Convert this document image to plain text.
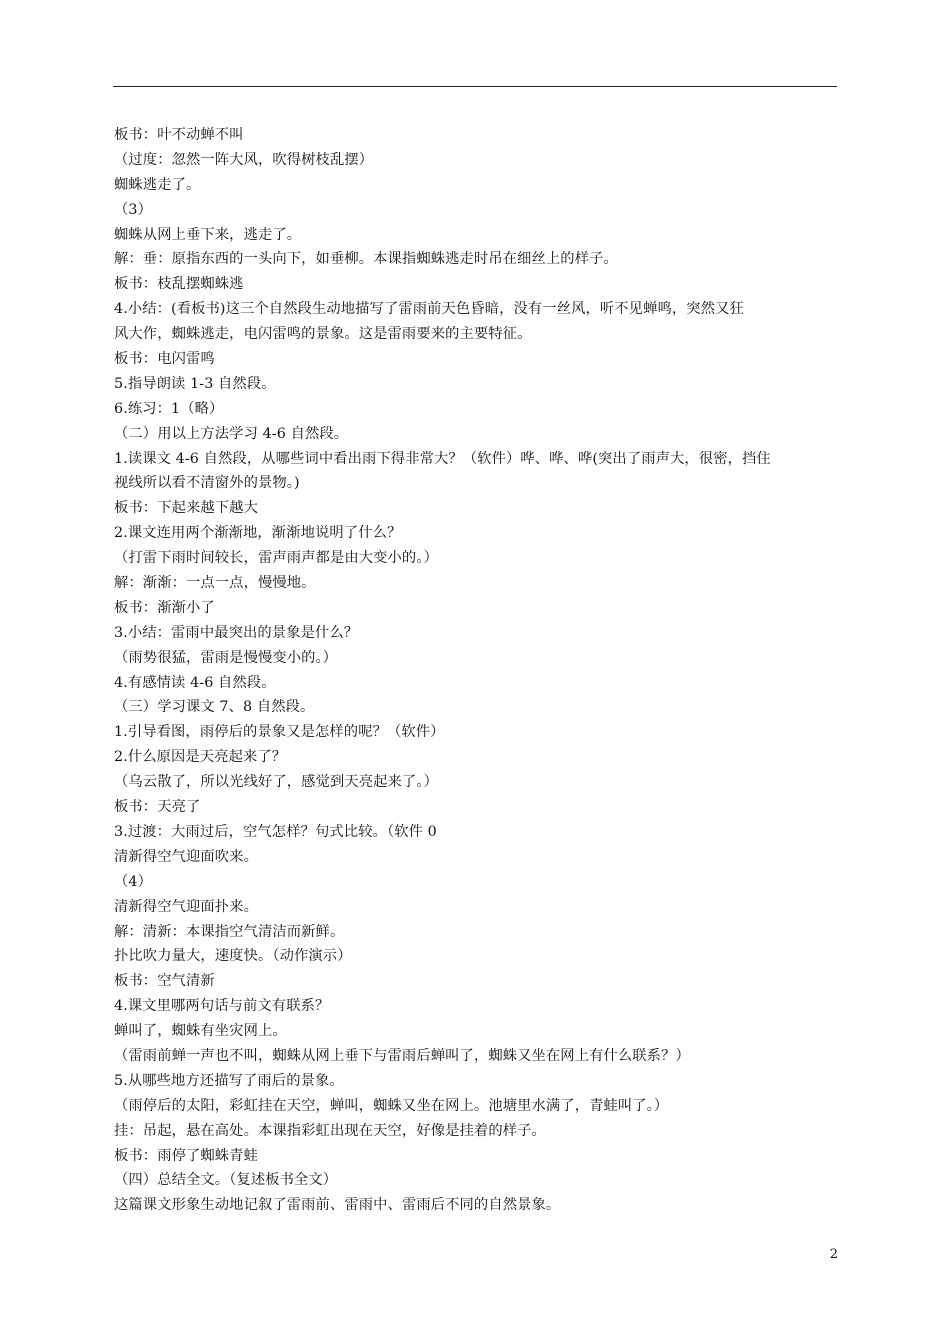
板书：叶不动蝉不叫
（过度：忽然一阵大风，吹得树枝乱摆）
蜘蛛逃走了。
（3）
蜘蛛从网上垂下来，逃走了。
解：垂：原指东西的一头向下，如垂柳。本课指蜘蛛逃走时吊在细丝上的样子。
板书：枝乱摆蜘蛛逃
4.小结：(看板书)这三个自然段生动地描写了雷雨前天色昏暗，没有一丝风，听不见蝉鸣，突然又狂
风大作，蜘蛛逃走，电闪雷鸣的景象。这是雷雨要来的主要特征。
板书：电闪雷鸣
5.指导朗读 1-3 自然段。
6.练习：1（略）
（二）用以上方法学习 4-6 自然段。
1.读课文 4-6 自然段，从哪些词中看出雨下得非常大？（软件）哗、哗、哗(突出了雨声大，很密，挡住
视线所以看不清窗外的景物。)
板书：下起来越下越大
2.课文连用两个渐渐地，渐渐地说明了什么？
（打雷下雨时间较长，雷声雨声都是由大变小的。）
解：渐渐：一点一点，慢慢地。
板书：渐渐小了
3.小结：雷雨中最突出的景象是什么？
（雨势很猛，雷雨是慢慢变小的。）
4.有感情读 4-6 自然段。
（三）学习课文 7、8 自然段。
1.引导看图，雨停后的景象又是怎样的呢？（软件）
2.什么原因是天亮起来了？
（乌云散了，所以光线好了，感觉到天亮起来了。）
板书：天亮了
3.过渡：大雨过后，空气怎样？句式比较。（软件 0
清新得空气迎面吹来。
（4）
清新得空气迎面扑来。
解：清新：本课指空气清洁而新鲜。
扑比吹力量大，速度快。（动作演示）
板书：空气清新
4.课文里哪两句话与前文有联系？
蝉叫了，蜘蛛有坐灾网上。
（雷雨前蝉一声也不叫，蜘蛛从网上垂下与雷雨后蝉叫了，蜘蛛又坐在网上有什么联系？）
5.从哪些地方还描写了雨后的景象。
（雨停后的太阳，彩虹挂在天空，蝉叫，蜘蛛又坐在网上。池塘里水满了，青蛙叫了。）
挂：吊起，悬在高处。本课指彩虹出现在天空，好像是挂着的样子。
板书：雨停了蜘蛛青蛙
（四）总结全文。（复述板书全文）
这篇课文形象生动地记叙了雷雨前、雷雨中、雷雨后不同的自然景象。
2
